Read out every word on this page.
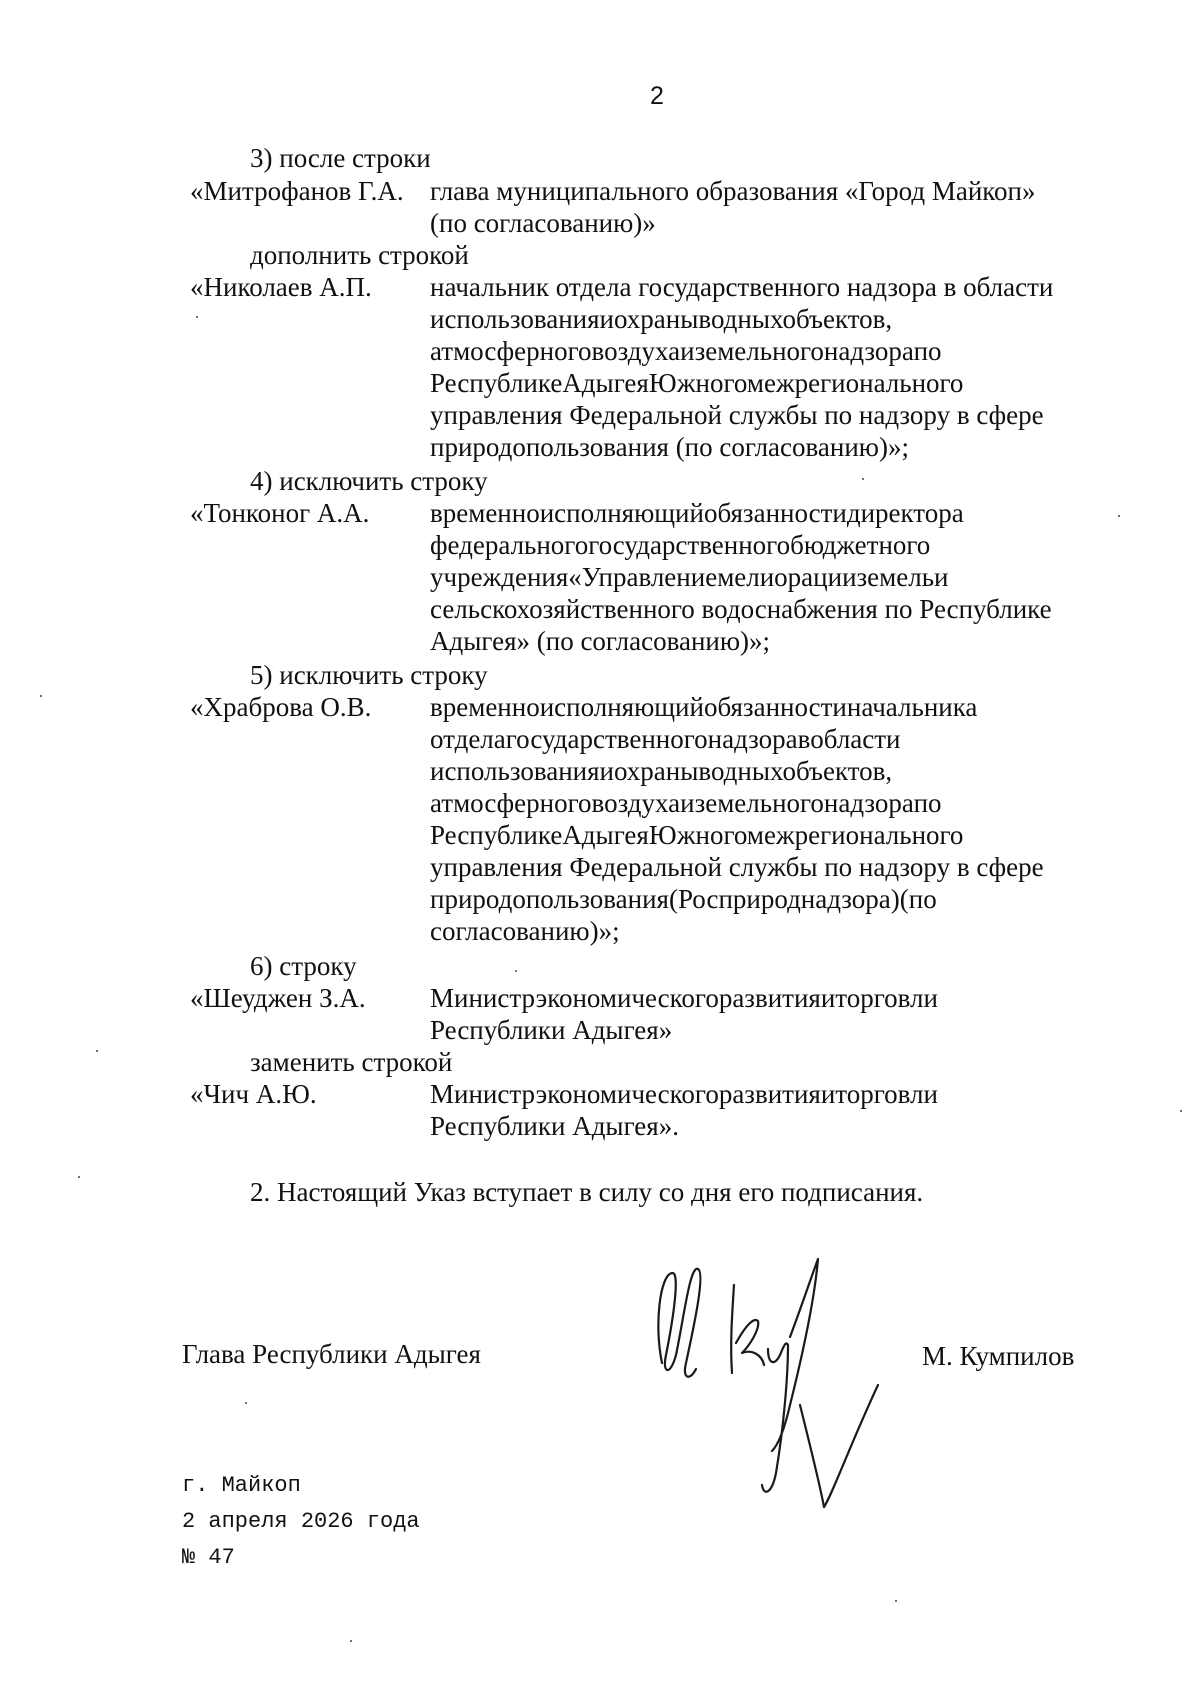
2
3) после строки
«Митрофанов Г.А. глава муниципального образования «Город Майкоп»
(по согласованию)»
дополнить строкой
«Николаев А.П. начальник отдела государственного надзора в области
использованияиохраныводныхобъектов,
атмосферноговоздухаиземельногонадзорапо
РеспубликеАдыгеяЮжногомежрегионального
управления Федеральной службы по надзору в сфере
природопользования (по согласованию)»;
4) исключить строку
«Тонконог А.А. временноисполняющийобязанностидиректора
федеральногогосударственногобюджетного
учреждения«Управлениемелиорацииземельи
сельскохозяйственного водоснабжения по Республике
Адыгея» (по согласованию)»;
5) исключить строку
«Храброва О.В. временноисполняющийобязанностиначальника
отделагосударственногонадзоравобласти
использованияиохраныводныхобъектов,
атмосферноговоздухаиземельногонадзорапо
РеспубликеАдыгеяЮжногомежрегионального
управления Федеральной службы по надзору в сфере
природопользования(Росприроднадзора)(по
согласованию)»;
6) строку
«Шеуджен З.А. Министрэкономическогоразвитияиторговли
Республики Адыгея»
заменить строкой
«Чич А.Ю.	Министрэкономическогоразвитияиторговли
Республики Адыгея».
2. Настоящий Указ вступает в силу со дня его подписания.
Глава Республики Адыгея	М. Кумпилов
г. Майкоп
2 апреля 2026 года
№ 47
